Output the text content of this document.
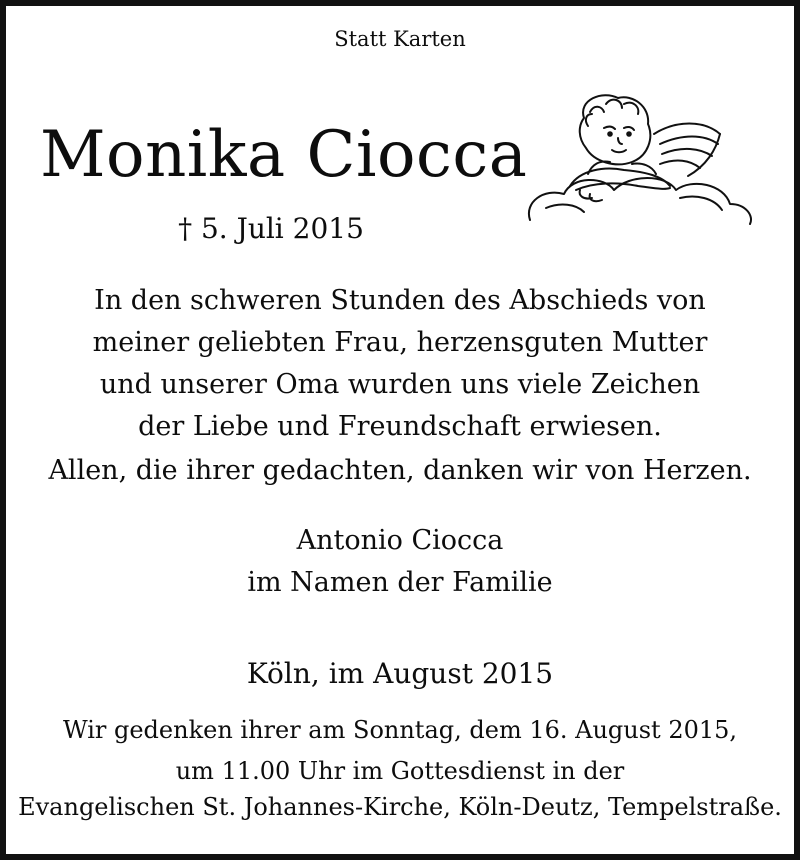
Statt Karten

Monika Ciocca

† 5. Juli 2015

In den schweren Stunden des Abschieds von

meiner geliebten Frau, herzensguten Mutter

und unserer Oma wurden uns viele Zeichen

der Liebe und Freundschaft erwiesen.

Allen, die ihrer gedachten, danken wir von Herzen.

Antonio Ciocca

im Namen der Familie

Köln, im August 2015

Wir gedenken ihrer am Sonntag, dem 16. August 2015,

um 11.00 Uhr im Gottesdienst in der

Evangelischen St. Johannes-Kirche, Köln-Deutz, Tempelstraße.
